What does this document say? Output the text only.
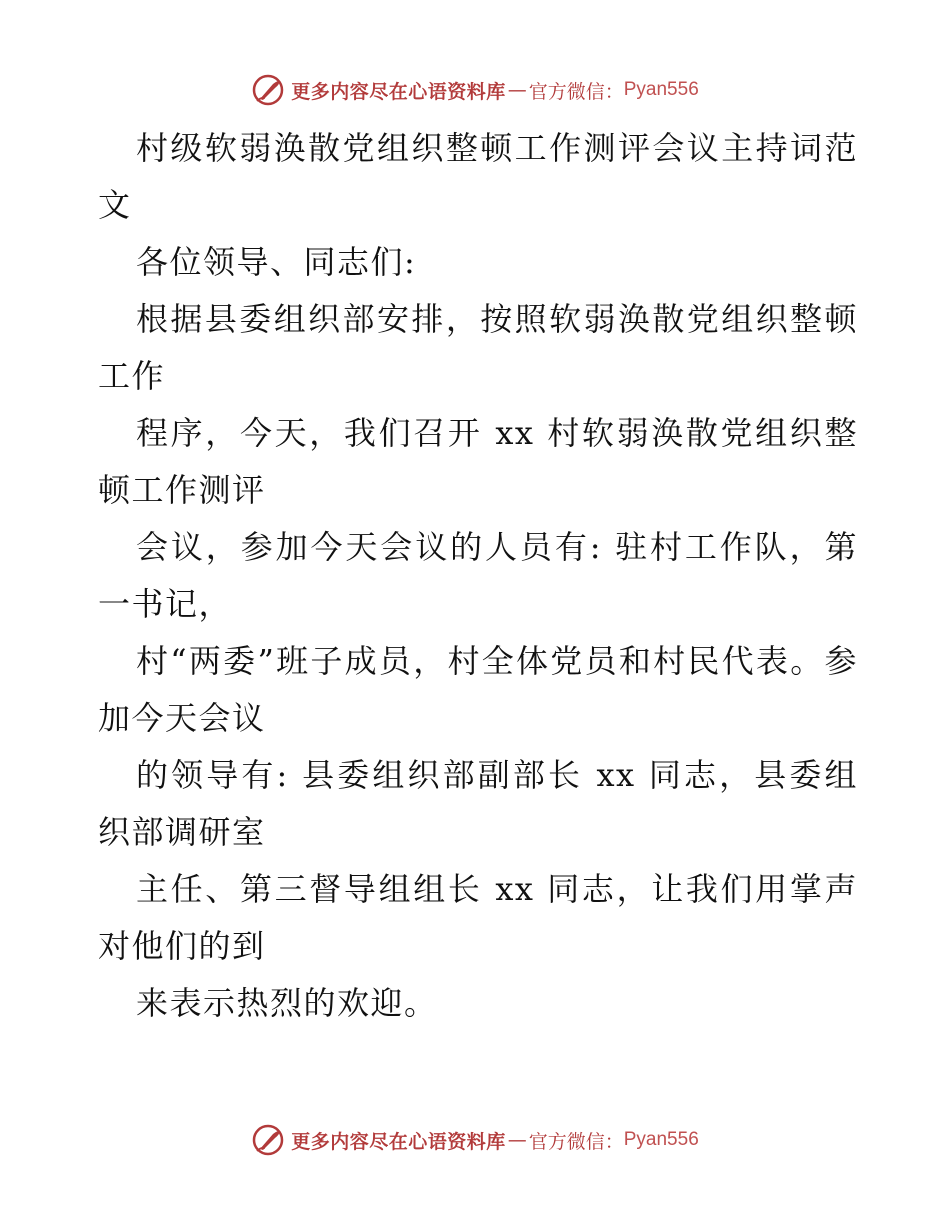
更多内容尽在心语资料库 — 官方微信： Pyan556

村级软弱涣散党组织整顿工作测评会议主持词范文

各位领导、同志们:

根据县委组织部安排，按照软弱涣散党组织整顿工作

程序，今天，我们召开 xx 村软弱涣散党组织整顿工作测评

会议，参加今天会议的人员有: 驻村工作队，第一书记，

村“两委”班子成员，村全体党员和村民代表。参加今天会议

的领导有: 县委组织部副部长 xx 同志，县委组织部调研室

主任、第三督导组组长 xx 同志，让我们用掌声对他们的到

来表示热烈的欢迎。

更多内容尽在心语资料库 — 官方微信： Pyan556
